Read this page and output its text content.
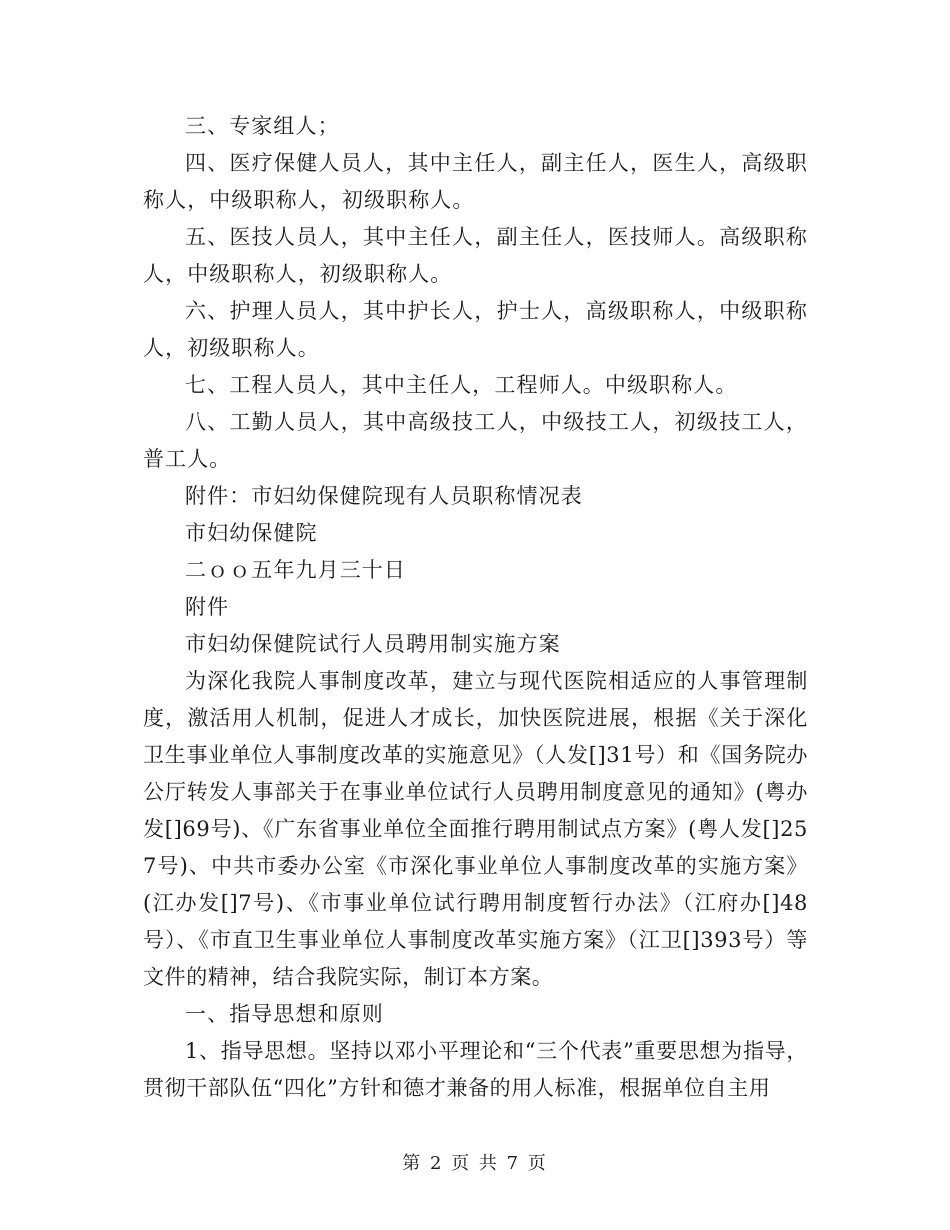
三、专家组人；

四、医疗保健人员人，其中主任人，副主任人，医生人，高级职称人，中级职称人，初级职称人。

五、医技人员人，其中主任人，副主任人，医技师人。高级职称人，中级职称人，初级职称人。

六、护理人员人，其中护长人，护士人，高级职称人，中级职称人，初级职称人。

七、工程人员人，其中主任人，工程师人。中级职称人。

八、工勤人员人，其中高级技工人，中级技工人，初级技工人，普工人。

附件：市妇幼保健院现有人员职称情况表

市妇幼保健院

二ｏｏ五年九月三十日

附件

市妇幼保健院试行人员聘用制实施方案

为深化我院人事制度改革，建立与现代医院相适应的人事管理制度，激活用人机制，促进人才成长，加快医院进展，根据《关于深化卫生事业单位人事制度改革的实施意见》（人发[]31号）和《国务院办公厅转发人事部关于在事业单位试行人员聘用制度意见的通知》(粤办发[]69号)、《广东省事业单位全面推行聘用制试点方案》(粤人发[]257号)、中共市委办公室《市深化事业单位人事制度改革的实施方案》(江办发[]7号)、《市事业单位试行聘用制度暂行办法》（江府办[]48号）、《市直卫生事业单位人事制度改革实施方案》（江卫[]393号）等文件的精神，结合我院实际，制订本方案。

一、指导思想和原则

1、指导思想。坚持以邓小平理论和“三个代表”重要思想为指导，贯彻干部队伍“四化”方针和德才兼备的用人标准，根据单位自主用

第 2 页 共 7 页
